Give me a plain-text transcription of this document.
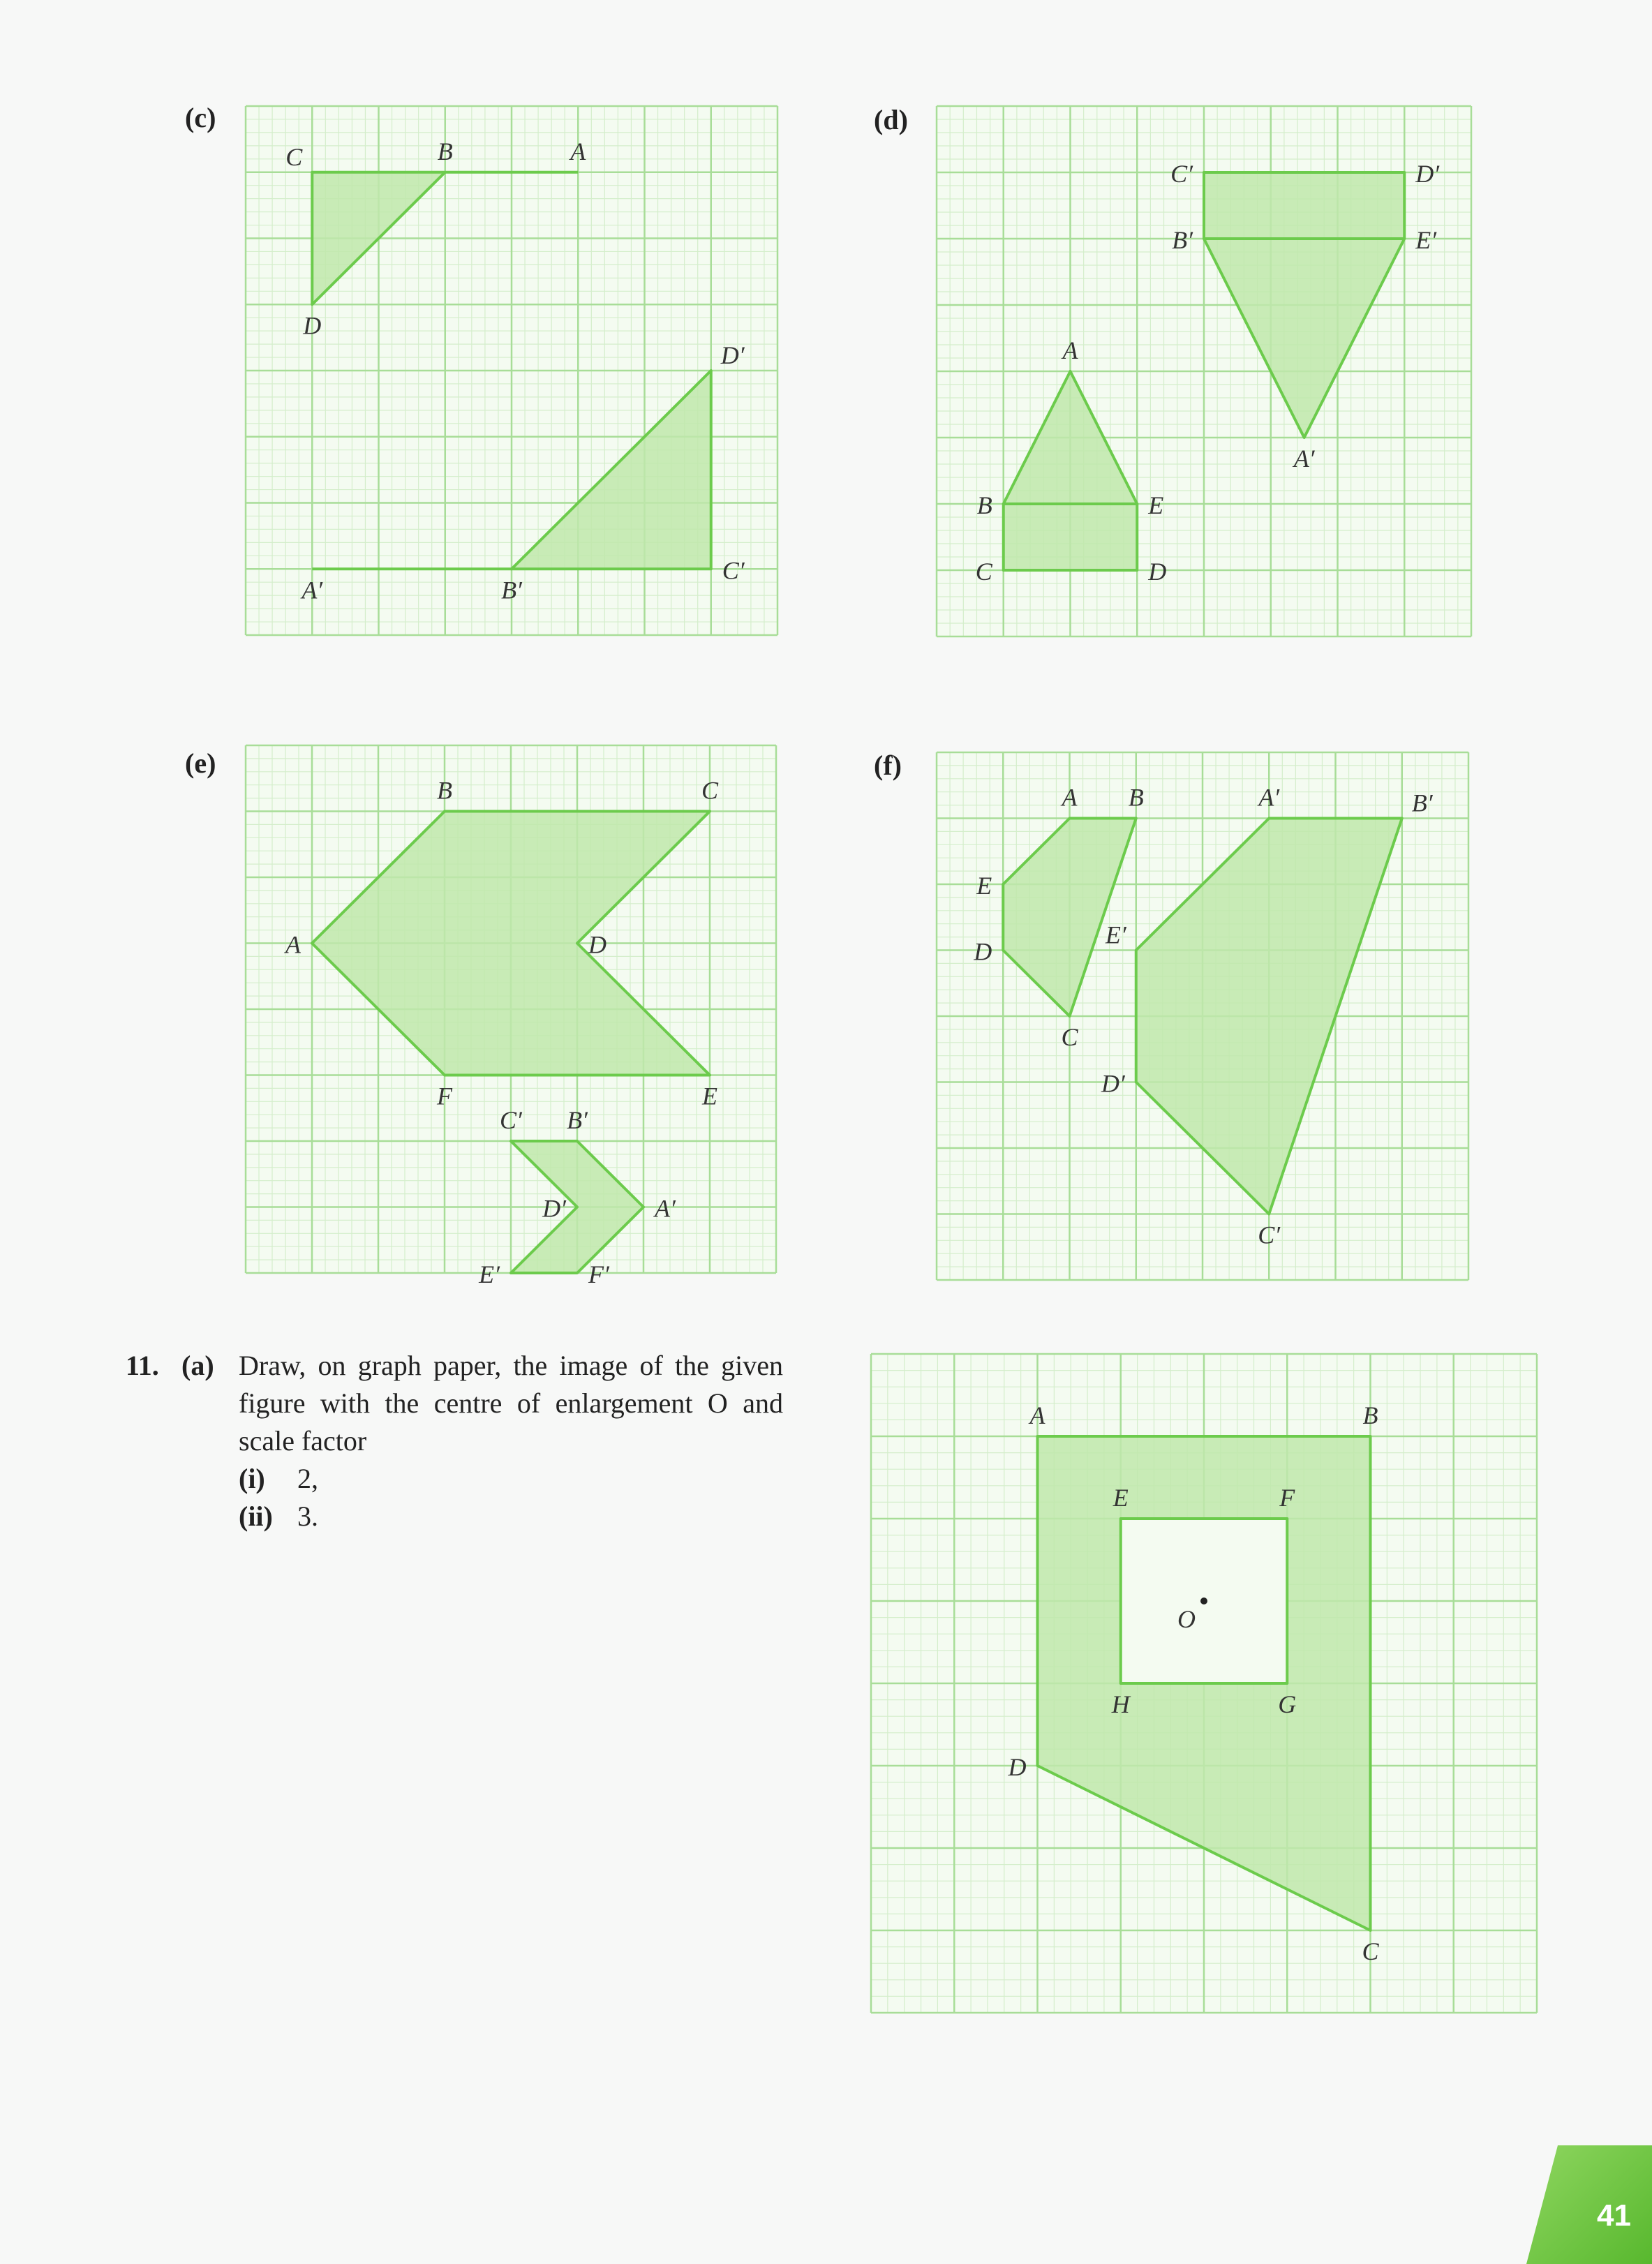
(c)
C	B	A
D
D′
C′
A′	B′
(d)
A
B	E
C	D
C′	D′
B′	E′
A′
(e)
B	C
A	D
F	E
C′ B′
D′	A′
E′	F′
(f)
A B
E
D
C
A′	B′
E′
D′
C′
11. (a) Draw, on graph paper, the image of the given figure with the centre of enlargement O and scale factor
(i)	2,
(ii) 3.
A	B
E	F
O
H	G
D
C
41
